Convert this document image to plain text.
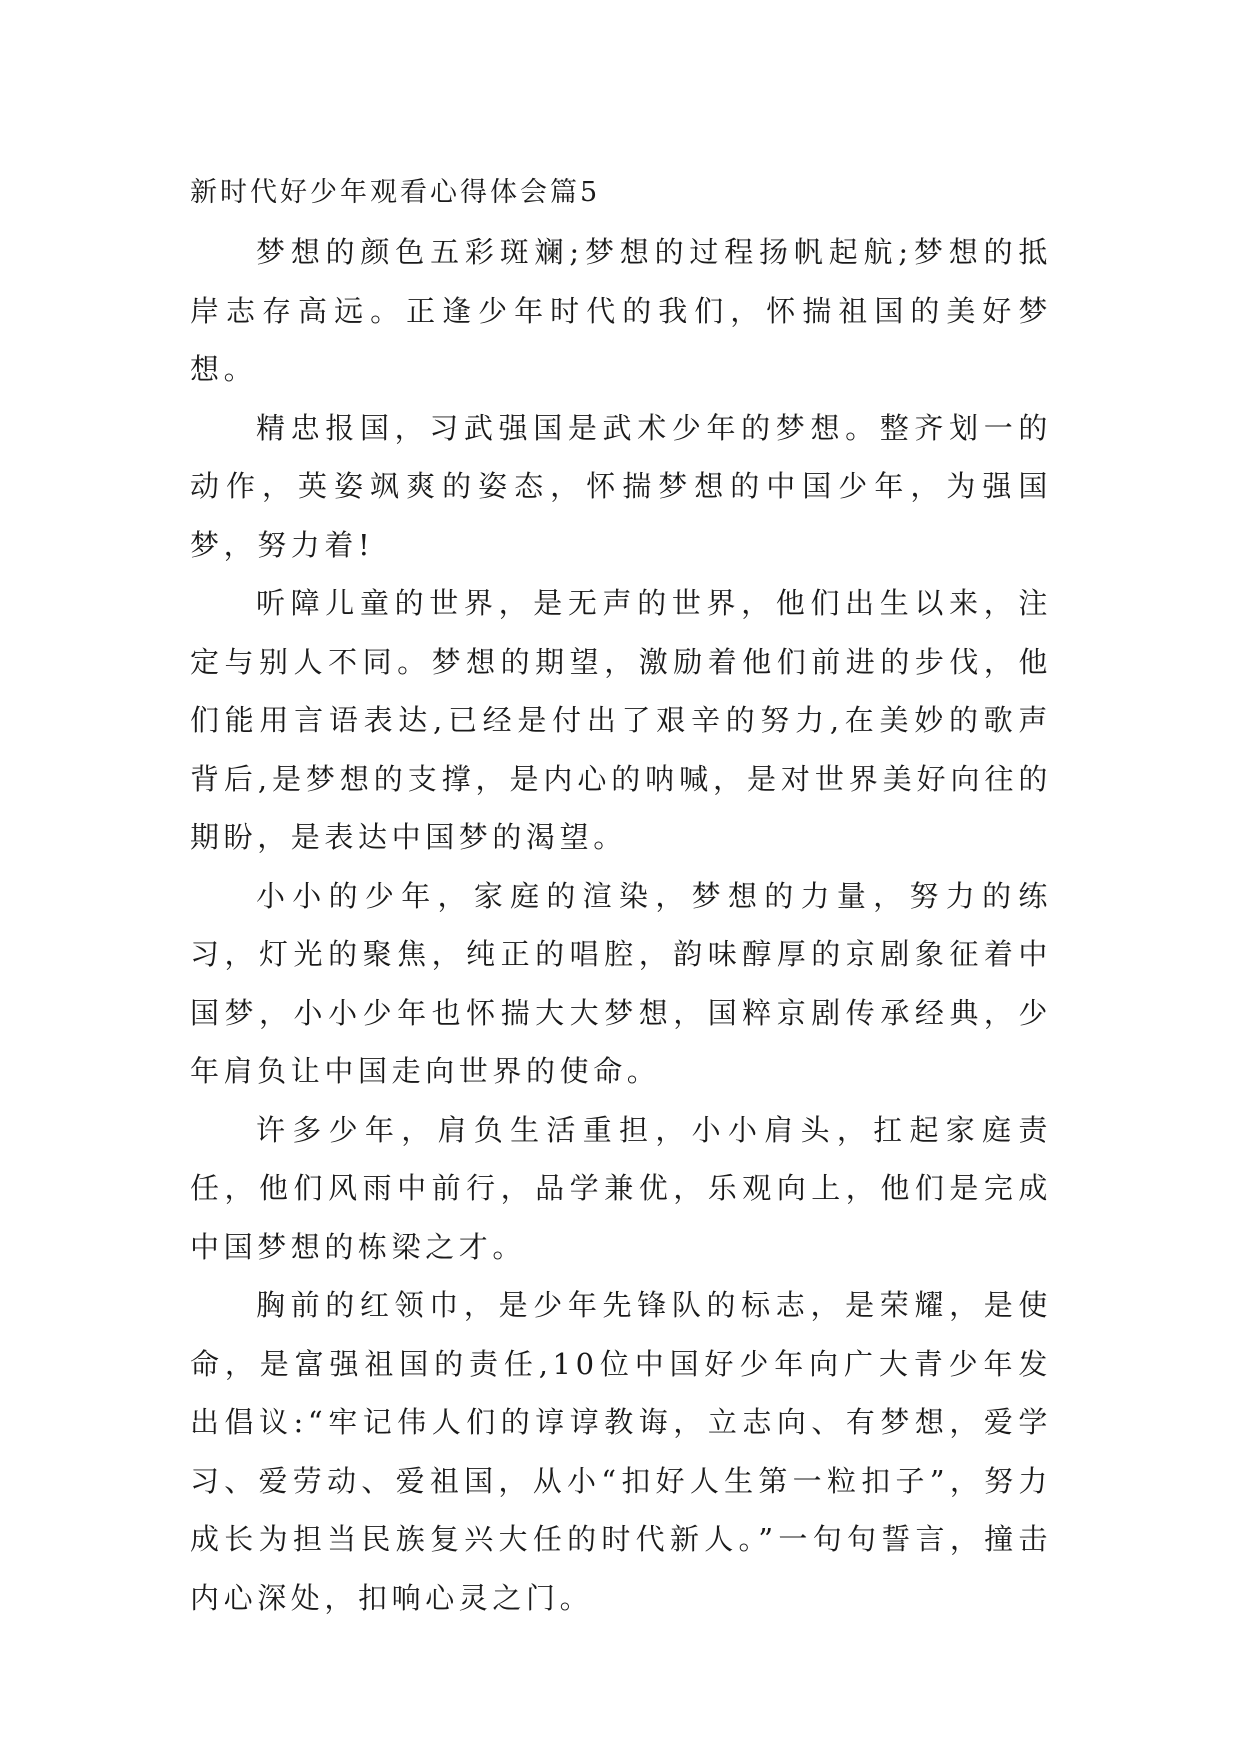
新时代好少年观看心得体会篇5

梦想的颜色五彩斑斓;梦想的过程扬帆起航;梦想的抵岸志存高远。正逢少年时代的我们，怀揣祖国的美好梦想。

精忠报国，习武强国是武术少年的梦想。整齐划一的动作，英姿飒爽的姿态，怀揣梦想的中国少年，为强国梦，努力着!

听障儿童的世界，是无声的世界，他们出生以来，注定与别人不同。梦想的期望，激励着他们前进的步伐，他们能用言语表达,已经是付出了艰辛的努力,在美妙的歌声背后,是梦想的支撑，是内心的呐喊，是对世界美好向往的期盼，是表达中国梦的渴望。

小小的少年，家庭的渲染，梦想的力量，努力的练习，灯光的聚焦，纯正的唱腔，韵味醇厚的京剧象征着中国梦，小小少年也怀揣大大梦想，国粹京剧传承经典，少年肩负让中国走向世界的使命。

许多少年，肩负生活重担，小小肩头，扛起家庭责任，他们风雨中前行，品学兼优，乐观向上，他们是完成中国梦想的栋梁之才。

胸前的红领巾，是少年先锋队的标志，是荣耀，是使命，是富强祖国的责任,10位中国好少年向广大青少年发出倡议:“牢记伟人们的谆谆教诲，立志向、有梦想，爱学习、爱劳动、爱祖国，从小“扣好人生第一粒扣子”，努力成长为担当民族复兴大任的时代新人。”一句句誓言，撞击内心深处，扣响心灵之门。
